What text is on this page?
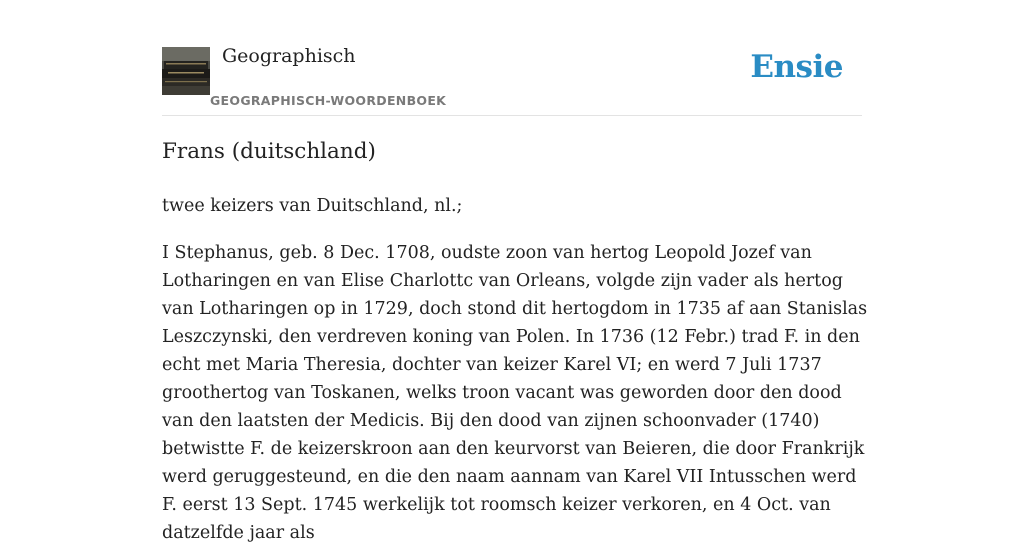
Geographisch
GEOGRAPHISCH-WOORDENBOEK
Ensie
Frans (duitschland)

twee keizers van Duitschland, nl.;

I Stephanus, geb. 8 Dec. 1708, oudste zoon van hertog Leopold Jozef van Lotharingen en van Elise Charlottc van Orleans, volgde zijn vader als hertog van Lotharingen op in 1729, doch stond dit hertogdom in 1735 af aan Stanislas Leszczynski, den verdreven koning van Polen. In 1736 (12 Febr.) trad F. in den echt met Maria Theresia, dochter van keizer Karel VI; en werd 7 Juli 1737 groothertog van Toskanen, welks troon vacant was geworden door den dood van den laatsten der Medicis. Bij den dood van zijnen schoonvader (1740) betwistte F. de keizerskroon aan den keurvorst van Beieren, die door Frankrijk werd geruggesteund, en die den naam aannam van Karel VII Intusschen werd F. eerst 13 Sept. 1745 werkelijk tot roomsch keizer verkoren, en 4 Oct. van datzelfde jaar als
